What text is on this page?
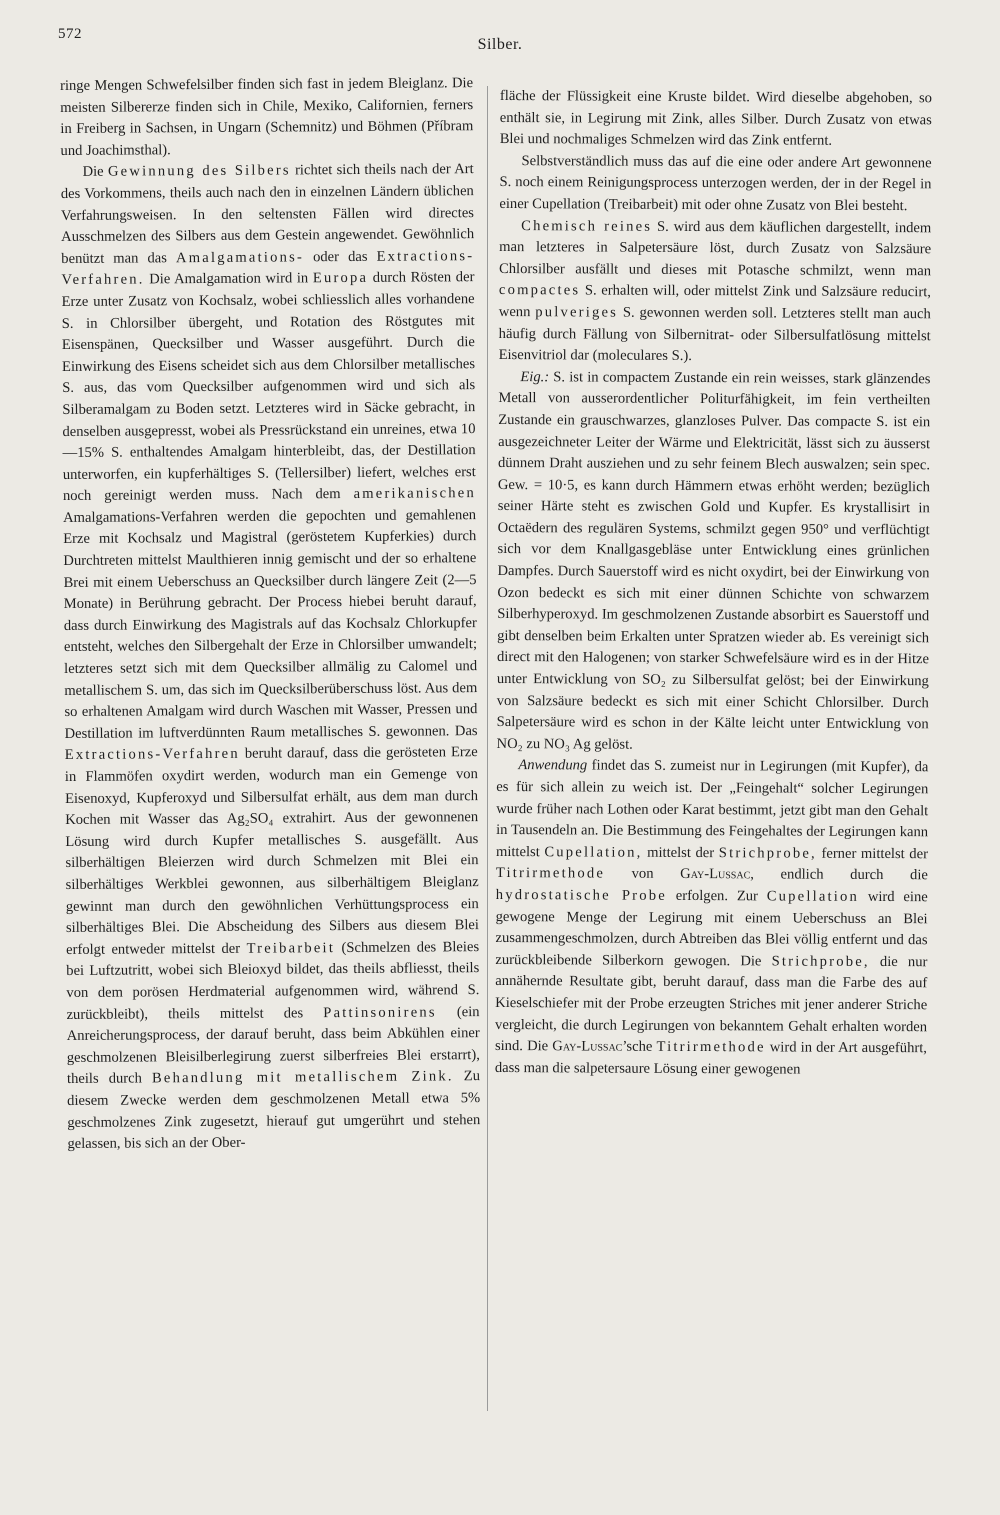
572
Silber.

ringe Mengen Schwefelsilber finden sich fast in jedem Bleiglanz. Die meisten Silbererze finden sich in Chile, Mexiko, Californien, ferners in Freiberg in Sachsen, in Ungarn (Schemnitz) und Böhmen (Příbram und Joachimsthal).

Die Gewinnung des Silbers richtet sich theils nach der Art des Vorkommens, theils auch nach den in einzelnen Ländern üblichen Verfahrungsweisen. In den seltensten Fällen wird directes Ausschmelzen des Silbers aus dem Gestein angewendet. Gewöhnlich benützt man das Amalgamations- oder das Extractions-Verfahren. Die Amalgamation wird in Europa durch Rösten der Erze unter Zusatz von Kochsalz, wobei schliesslich alles vorhandene S. in Chlorsilber übergeht, und Rotation des Röstgutes mit Eisenspänen, Quecksilber und Wasser ausgeführt. Durch die Einwirkung des Eisens scheidet sich aus dem Chlorsilber metallisches S. aus, das vom Quecksilber aufgenommen wird und sich als Silberamalgam zu Boden setzt. Letzteres wird in Säcke gebracht, in denselben ausgepresst, wobei als Pressrückstand ein unreines, etwa 10—15% S. enthaltendes Amalgam hinterbleibt, das, der Destillation unterworfen, ein kupferhältiges S. (Tellersilber) liefert, welches erst noch gereinigt werden muss. Nach dem amerikanischen Amalgamations-Verfahren werden die gepochten und gemahlenen Erze mit Kochsalz und Magistral (geröstetem Kupferkies) durch Durchtreten mittelst Maulthieren innig gemischt und der so erhaltene Brei mit einem Ueberschuss an Quecksilber durch längere Zeit (2—5 Monate) in Berührung gebracht. Der Process hiebei beruht darauf, dass durch Einwirkung des Magistrals auf das Kochsalz Chlorkupfer entsteht, welches den Silbergehalt der Erze in Chlorsilber umwandelt; letzteres setzt sich mit dem Quecksilber allmälig zu Calomel und metallischem S. um, das sich im Quecksilberüberschuss löst. Aus dem so erhaltenen Amalgam wird durch Waschen mit Wasser, Pressen und Destillation im luftverdünnten Raum metallisches S. gewonnen. Das Extractions-Verfahren beruht darauf, dass die gerösteten Erze in Flammöfen oxydirt werden, wodurch man ein Gemenge von Eisenoxyd, Kupferoxyd und Silbersulfat erhält, aus dem man durch Kochen mit Wasser das Ag₂SO₄ extrahirt. Aus der gewonnenen Lösung wird durch Kupfer metallisches S. ausgefällt. Aus silberhältigen Bleierzen wird durch Schmelzen mit Blei ein silberhältiges Werkblei gewonnen, aus silberhältigem Bleiglanz gewinnt man durch den gewöhnlichen Verhüttungsprocess ein silberhältiges Blei. Die Abscheidung des Silbers aus diesem Blei erfolgt entweder mittelst der Treibarbeit (Schmelzen des Bleies bei Luftzutritt, wobei sich Bleioxyd bildet, das theils abfliesst, theils von dem porösen Herdmaterial aufgenommen wird, während S. zurückbleibt), theils mittelst des Pattinsonirens (ein Anreicherungsprocess, der darauf beruht, dass beim Abkühlen einer geschmolzenen Bleisilberlegirung zuerst silberfreies Blei erstarrt), theils durch Behandlung mit metallischem Zink. Zu diesem Zwecke werden dem geschmolzenen Metall etwa 5% geschmolzenes Zink zugesetzt, hierauf gut umgerührt und stehen gelassen, bis sich an der Ober-

fläche der Flüssigkeit eine Kruste bildet. Wird dieselbe abgehoben, so enthält sie, in Legirung mit Zink, alles Silber. Durch Zusatz von etwas Blei und nochmaliges Schmelzen wird das Zink entfernt.

Selbstverständlich muss das auf die eine oder andere Art gewonnene S. noch einem Reinigungsprocess unterzogen werden, der in der Regel in einer Cupellation (Treibarbeit) mit oder ohne Zusatz von Blei besteht.

Chemisch reines S. wird aus dem käuflichen dargestellt, indem man letzteres in Salpetersäure löst, durch Zusatz von Salzsäure Chlorsilber ausfällt und dieses mit Potasche schmilzt, wenn man compactes S. erhalten will, oder mittelst Zink und Salzsäure reducirt, wenn pulveriges S. gewonnen werden soll. Letzteres stellt man auch häufig durch Fällung von Silbernitrat- oder Silbersulfatlösung mittelst Eisenvitriol dar (moleculares S.).

Eig.: S. ist in compactem Zustande ein rein weisses, stark glänzendes Metall von ausserordentlicher Politurfähigkeit, im fein vertheilten Zustande ein grauschwarzes, glanzloses Pulver. Das compacte S. ist ein ausgezeichneter Leiter der Wärme und Elektricität, lässt sich zu äusserst dünnem Draht ausziehen und zu sehr feinem Blech auswalzen; sein spec. Gew. = 10·5, es kann durch Hämmern etwas erhöht werden; bezüglich seiner Härte steht es zwischen Gold und Kupfer. Es krystallisirt in Octaëdern des regulären Systems, schmilzt gegen 950° und verflüchtigt sich vor dem Knallgasgebläse unter Entwicklung eines grünlichen Dampfes. Durch Sauerstoff wird es nicht oxydirt, bei der Einwirkung von Ozon bedeckt es sich mit einer dünnen Schichte von schwarzem Silberhyperoxyd. Im geschmolzenen Zustande absorbirt es Sauerstoff und gibt denselben beim Erkalten unter Spratzen wieder ab. Es vereinigt sich direct mit den Halogenen; von starker Schwefelsäure wird es in der Hitze unter Entwicklung von SO₂ zu Silbersulfat gelöst; bei der Einwirkung von Salzsäure bedeckt es sich mit einer Schicht Chlorsilber. Durch Salpetersäure wird es schon in der Kälte leicht unter Entwicklung von NO₂ zu NO₃ Ag gelöst.

Anwendung findet das S. zumeist nur in Legirungen (mit Kupfer), da es für sich allein zu weich ist. Der „Feingehalt“ solcher Legirungen wurde früher nach Lothen oder Karat bestimmt, jetzt gibt man den Gehalt in Tausendeln an. Die Bestimmung des Feingehaltes der Legirungen kann mittelst Cupellation, mittelst der Strichprobe, ferner mittelst der Titrirmethode von Gay-Lussac, endlich durch die hydrostatische Probe erfolgen. Zur Cupellation wird eine gewogene Menge der Legirung mit einem Ueberschuss an Blei zusammengeschmolzen, durch Abtreiben das Blei völlig entfernt und das zurückbleibende Silberkorn gewogen. Die Strichprobe, die nur annähernde Resultate gibt, beruht darauf, dass man die Farbe des auf Kieselschiefer mit der Probe erzeugten Striches mit jener anderer Striche vergleicht, die durch Legirungen von bekanntem Gehalt erhalten worden sind. Die Gay-Lussac’sche Titrirmethode wird in der Art ausgeführt, dass man die salpetersaure Lösung einer gewogenen
